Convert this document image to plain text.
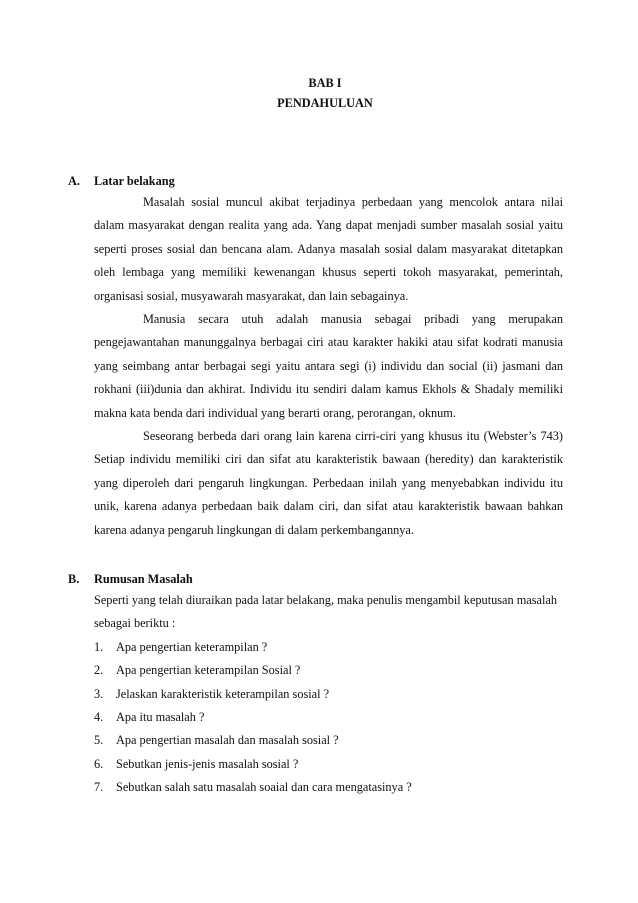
BAB I
PENDAHULUAN
A.	Latar belakang

Masalah sosial muncul akibat terjadinya perbedaan yang mencolok antara nilai dalam masyarakat dengan realita yang ada. Yang dapat menjadi sumber masalah sosial yaitu seperti proses sosial dan bencana alam. Adanya masalah sosial dalam masyarakat ditetapkan oleh lembaga yang memiliki kewenangan khusus seperti tokoh masyarakat, pemerintah, organisasi sosial, musyawarah masyarakat, dan lain sebagainya.

Manusia secara utuh adalah manusia sebagai pribadi yang merupakan pengejawantahan manunggalnya berbagai ciri atau karakter hakiki atau sifat kodrati manusia yang seimbang antar berbagai segi yaitu antara segi (i) individu dan social (ii) jasmani dan rokhani (iii)dunia dan akhirat. Individu itu sendiri dalam kamus Ekhols & Shadaly memiliki makna kata benda dari individual yang berarti orang, perorangan, oknum.

Seseorang berbeda dari orang lain karena cirri-ciri yang khusus itu (Webster’s 743) Setiap individu memiliki ciri dan sifat atu karakteristik bawaan (heredity) dan karakteristik yang diperoleh dari pengaruh lingkungan. Perbedaan inilah yang menyebabkan individu itu unik, karena adanya perbedaan baik dalam ciri, dan sifat atau karakteristik bawaan bahkan karena adanya pengaruh lingkungan di dalam perkembangannya.

B.	Rumusan Masalah

Seperti yang telah diuraikan pada latar belakang, maka penulis mengambil keputusan masalah sebagai beriktu :

1.	Apa pengertian keterampilan ?
2.	Apa pengertian keterampilan Sosial ?
3.	Jelaskan karakteristik keterampilan sosial ?
4.	Apa itu masalah ?
5.	Apa pengertian masalah dan masalah sosial ?
6.	Sebutkan jenis-jenis masalah sosial ?
7.	Sebutkan salah satu masalah soaial dan cara mengatasinya ?
